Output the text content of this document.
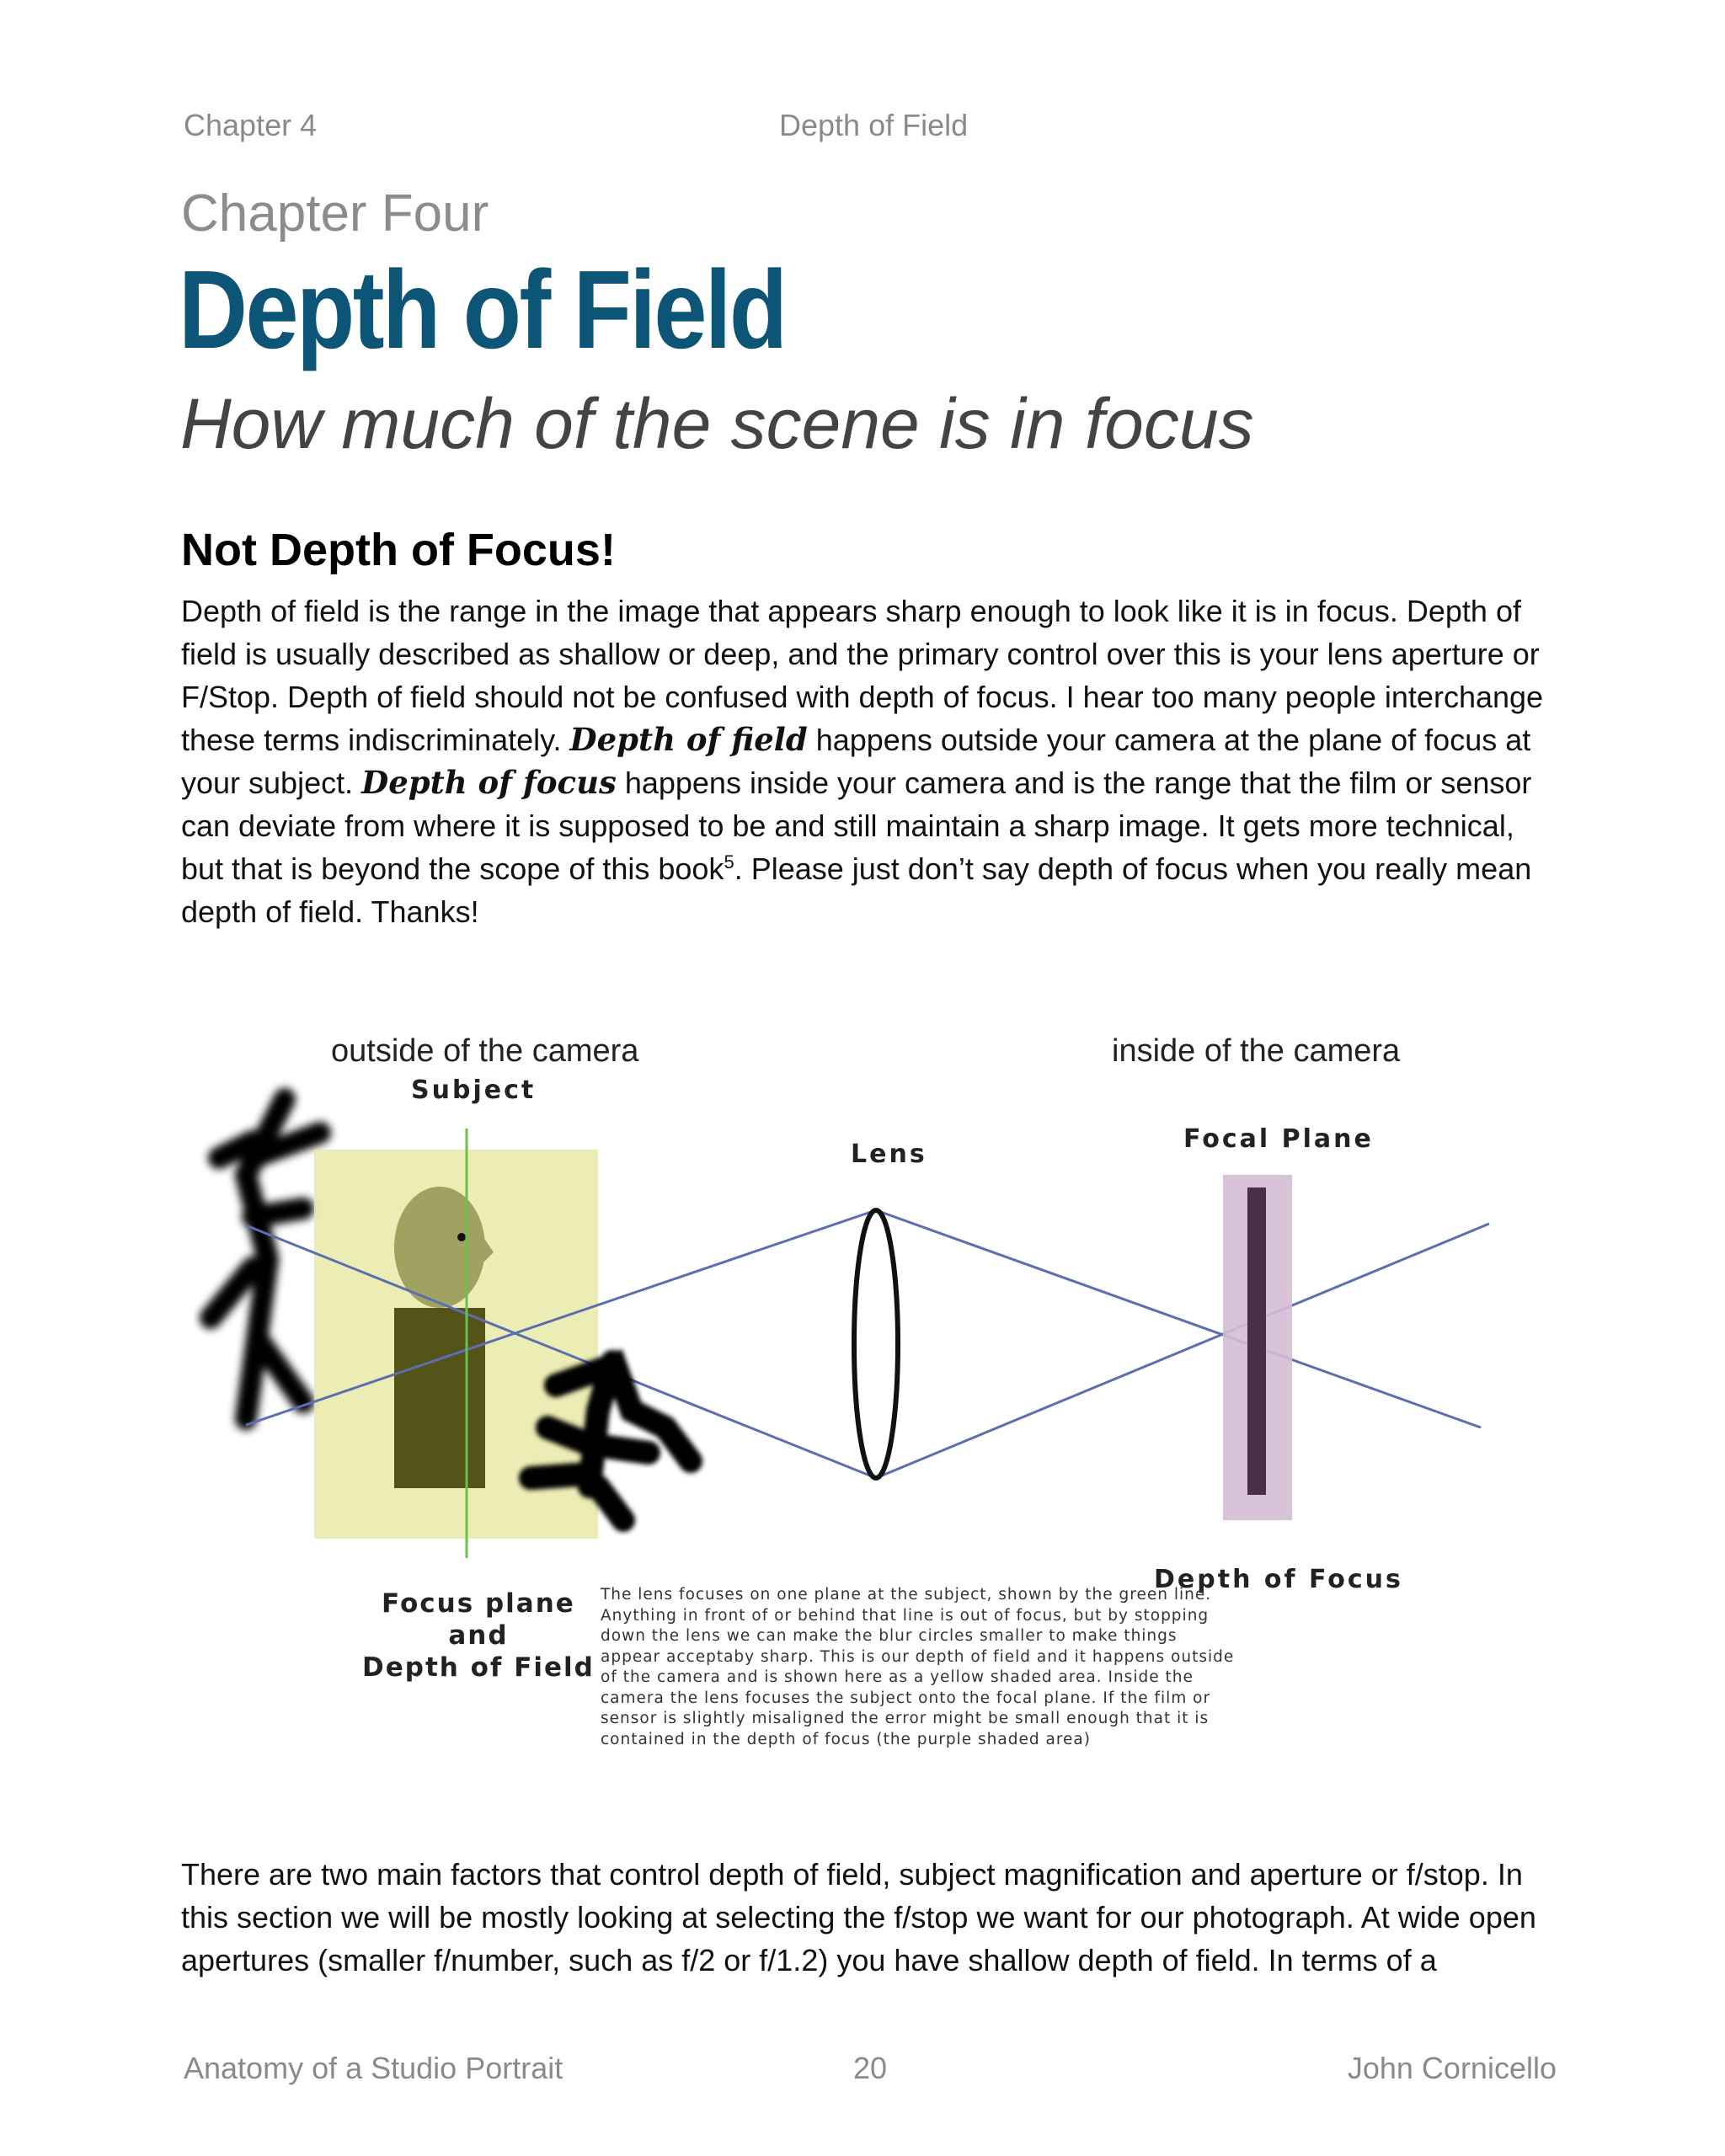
Chapter 4	Depth of Field
Chapter Four
Depth of Field
How much of the scene is in focus
Not Depth of Focus!
Depth of field is the range in the image that appears sharp enough to look like it is in focus. Depth of field is usually described as shallow or deep, and the primary control over this is your lens aperture or F/Stop. Depth of field should not be confused with depth of focus. I hear too many people interchange these terms indiscriminately. Depth of field happens outside your camera at the plane of focus at your subject. Depth of focus happens inside your camera and is the range that the film or sensor can deviate from where it is supposed to be and still maintain a sharp image. It gets more technical, but that is beyond the scope of this book$^5$. Please just don’t say depth of focus when you really mean depth of field. Thanks!
outside of the camera	inside of the camera
Subject
Lens
Focal Plane
Depth of Focus
Focus plane
and
Depth of Field
The lens focuses on one plane at the subject, shown by the green line. Anything in front of or behind that line is out of focus, but by stopping down the lens we can make the blur circles smaller to make things appear acceptaby sharp. This is our depth of field and it happens outside of the camera and is shown here as a yellow shaded area. Inside the camera the lens focuses the subject onto the focal plane. If the film or sensor is slightly misaligned the error might be small enough that it is contained in the depth of focus (the purple shaded area)
There are two main factors that control depth of field, subject magnification and aperture or f/stop. In this section we will be mostly looking at selecting the f/stop we want for our photograph. At wide open apertures (smaller f/number, such as f/2 or f/1.2) you have shallow depth of field. In terms of a
Anatomy of a Studio Portrait	20	John Cornicello
